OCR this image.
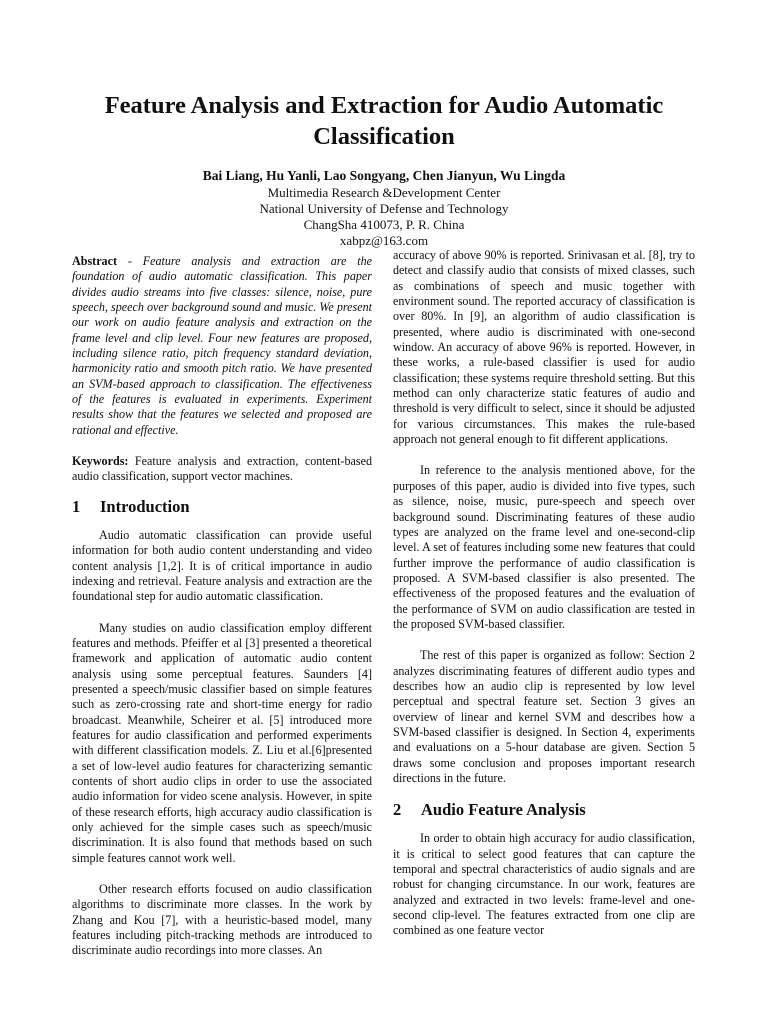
Feature Analysis and Extraction for Audio Automatic
Classification
Bai Liang, Hu Yanli, Lao Songyang, Chen Jianyun, Wu Lingda
Multimedia Research &Development Center
National University of Defense and Technology
ChangSha 410073, P. R. China
xabpz@163.com

Abstract - Feature analysis and extraction are the foundation of audio automatic classification. This paper divides audio streams into five classes: silence, noise, pure speech, speech over background sound and music. We present our work on audio feature analysis and extraction on the frame level and clip level. Four new features are proposed, including silence ratio, pitch frequency standard deviation, harmonicity ratio and smooth pitch ratio. We have presented an SVM-based approach to classification. The effectiveness of the features is evaluated in experiments. Experiment results show that the features we selected and proposed are rational and effective.

Keywords: Feature analysis and extraction, content-based audio classification, support vector machines.

1 Introduction

Audio automatic classification can provide useful information for both audio content understanding and video content analysis [1,2]. It is of critical importance in audio indexing and retrieval. Feature analysis and extraction are the foundational step for audio automatic classification.

Many studies on audio classification employ different features and methods. Pfeiffer et al [3] presented a theoretical framework and application of automatic audio content analysis using some perceptual features. Saunders [4] presented a speech/music classifier based on simple features such as zero-crossing rate and short-time energy for radio broadcast. Meanwhile, Scheirer et al. [5] introduced more features for audio classification and performed experiments with different classification models. Z. Liu et al.[6]presented a set of low-level audio features for characterizing semantic contents of short audio clips in order to use the associated audio information for video scene analysis. However, in spite of these research efforts, high accuracy audio classification is only achieved for the simple cases such as speech/music discrimination. It is also found that methods based on such simple features cannot work well.

Other research efforts focused on audio classification algorithms to discriminate more classes. In the work by Zhang and Kou [7], with a heuristic-based model, many features including pitch-tracking methods are introduced to discriminate audio recordings into more classes. An

accuracy of above 90% is reported. Srinivasan et al. [8], try to detect and classify audio that consists of mixed classes, such as combinations of speech and music together with environment sound. The reported accuracy of classification is over 80%. In [9], an algorithm of audio classification is presented, where audio is discriminated with one-second window. An accuracy of above 96% is reported. However, in these works, a rule-based classifier is used for audio classification; these systems require threshold setting. But this method can only characterize static features of audio and threshold is very difficult to select, since it should be adjusted for various circumstances. This makes the rule-based approach not general enough to fit different applications.

In reference to the analysis mentioned above, for the purposes of this paper, audio is divided into five types, such as silence, noise, music, pure-speech and speech over background sound. Discriminating features of these audio types are analyzed on the frame level and one-second-clip level. A set of features including some new features that could further improve the performance of audio classification is proposed. A SVM-based classifier is also presented. The effectiveness of the proposed features and the evaluation of the performance of SVM on audio classification are tested in the proposed SVM-based classifier.

The rest of this paper is organized as follow: Section 2 analyzes discriminating features of different audio types and describes how an audio clip is represented by low level perceptual and spectral feature set. Section 3 gives an overview of linear and kernel SVM and describes how a SVM-based classifier is designed. In Section 4, experiments and evaluations on a 5-hour database are given. Section 5 draws some conclusion and proposes important research directions in the future.

2 Audio Feature Analysis

In order to obtain high accuracy for audio classification, it is critical to select good features that can capture the temporal and spectral characteristics of audio signals and are robust for changing circumstance. In our work, features are analyzed and extracted in two levels: frame-level and one-second clip-level. The features extracted from one clip are combined as one feature vector
